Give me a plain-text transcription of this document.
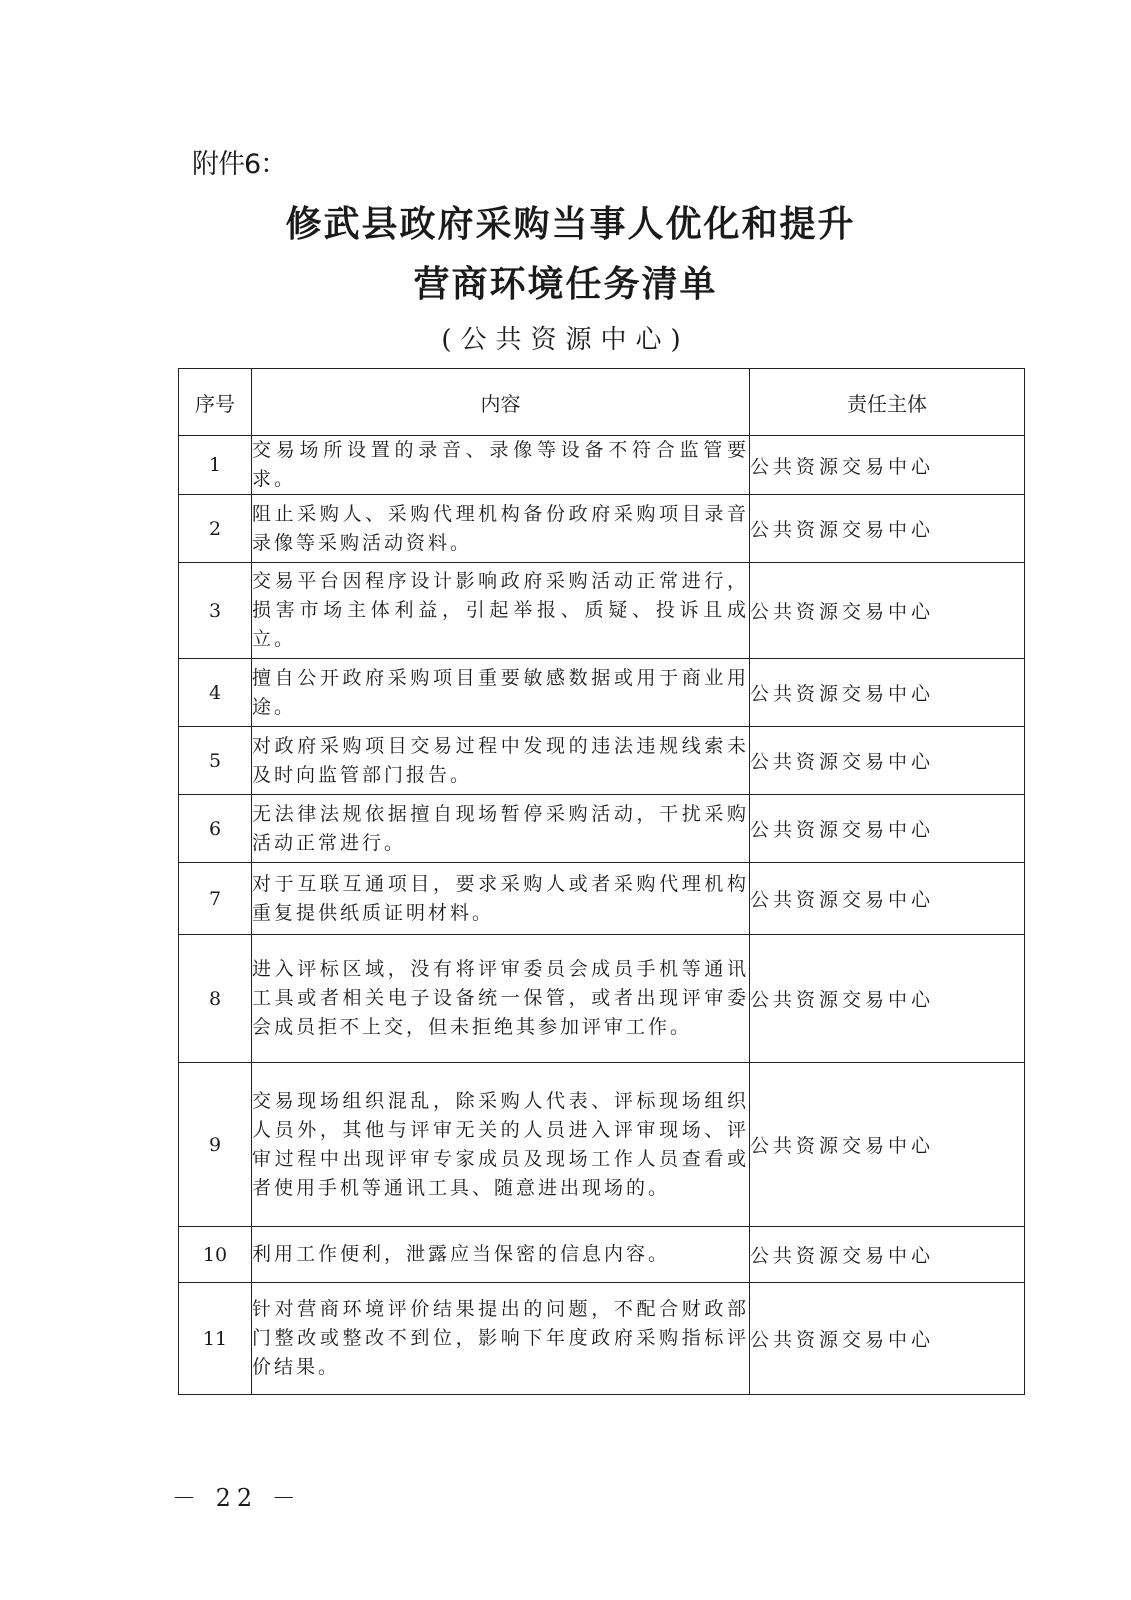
附件6：
修武县政府采购当事人优化和提升
营商环境任务清单
(公共资源中心)
序号	内容	责任主体
1	交易场所设置的录音、录像等设备不符合监管要求。	公共资源交易中心
2	阻止采购人、采购代理机构备份政府采购项目录音录像等采购活动资料。	公共资源交易中心
3	交易平台因程序设计影响政府采购活动正常进行，损害市场主体利益，引起举报、质疑、投诉且成立。	公共资源交易中心
4	擅自公开政府采购项目重要敏感数据或用于商业用途。	公共资源交易中心
5	对政府采购项目交易过程中发现的违法违规线索未及时向监管部门报告。	公共资源交易中心
6	无法律法规依据擅自现场暂停采购活动，干扰采购活动正常进行。	公共资源交易中心
7	对于互联互通项目，要求采购人或者采购代理机构重复提供纸质证明材料。	公共资源交易中心
8	进入评标区域，没有将评审委员会成员手机等通讯 工具或者相关电子设备统一保管，或者出现评审委会成员拒不上交，但未拒绝其参加评审工作。	公共资源交易中心
9	交易现场组织混乱，除采购人代表、评标现场组织人员外，其他与评审无关的人员进入评审现场、评审过程中出现评审专家成员及现场工作人员查看或者使用手机等通讯工具、随意进出现场的。	公共资源交易中心
10	利用工作便利，泄露应当保密的信息内容。	公共资源交易中心
11	针对营商环境评价结果提出的问题，不配合财政部门整改或整改不到位，影响下年度政府采购指标评价结果。	公共资源交易中心
－ 22 －
